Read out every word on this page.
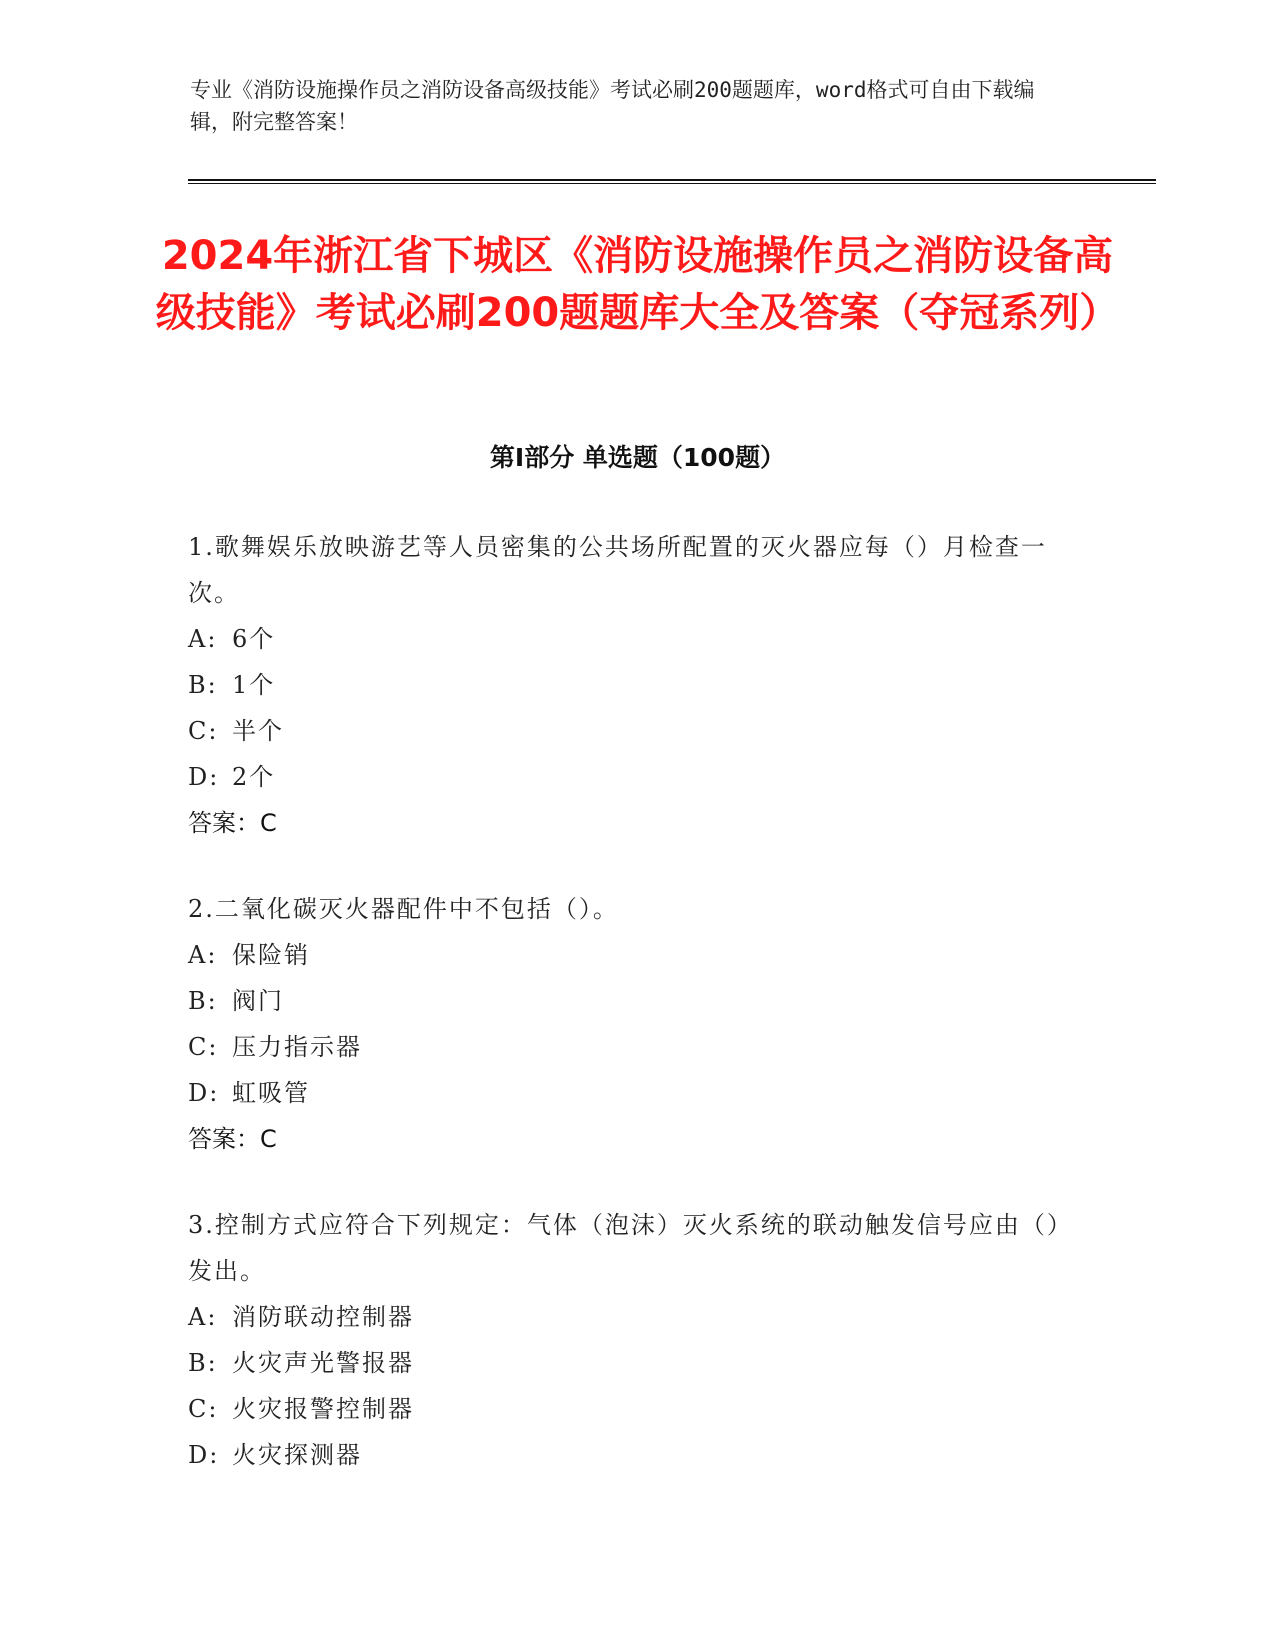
专业《消防设施操作员之消防设备高级技能》考试必刷200题题库，word格式可自由下载编辑，附完整答案！
2024年浙江省下城区《消防设施操作员之消防设备高级技能》考试必刷200题题库大全及答案（夺冠系列）
第I部分 单选题（100题）
1.歌舞娱乐放映游艺等人员密集的公共场所配置的灭火器应每（）月检查一次。
A: 6个
B: 1个
C: 半个
D: 2个
答案：C
2.二氧化碳灭火器配件中不包括（）。
A: 保险销
B: 阀门
C: 压力指示器
D: 虹吸管
答案：C
3.控制方式应符合下列规定：气体（泡沫）灭火系统的联动触发信号应由（）发出。
A: 消防联动控制器
B: 火灾声光警报器
C: 火灾报警控制器
D: 火灾探测器
